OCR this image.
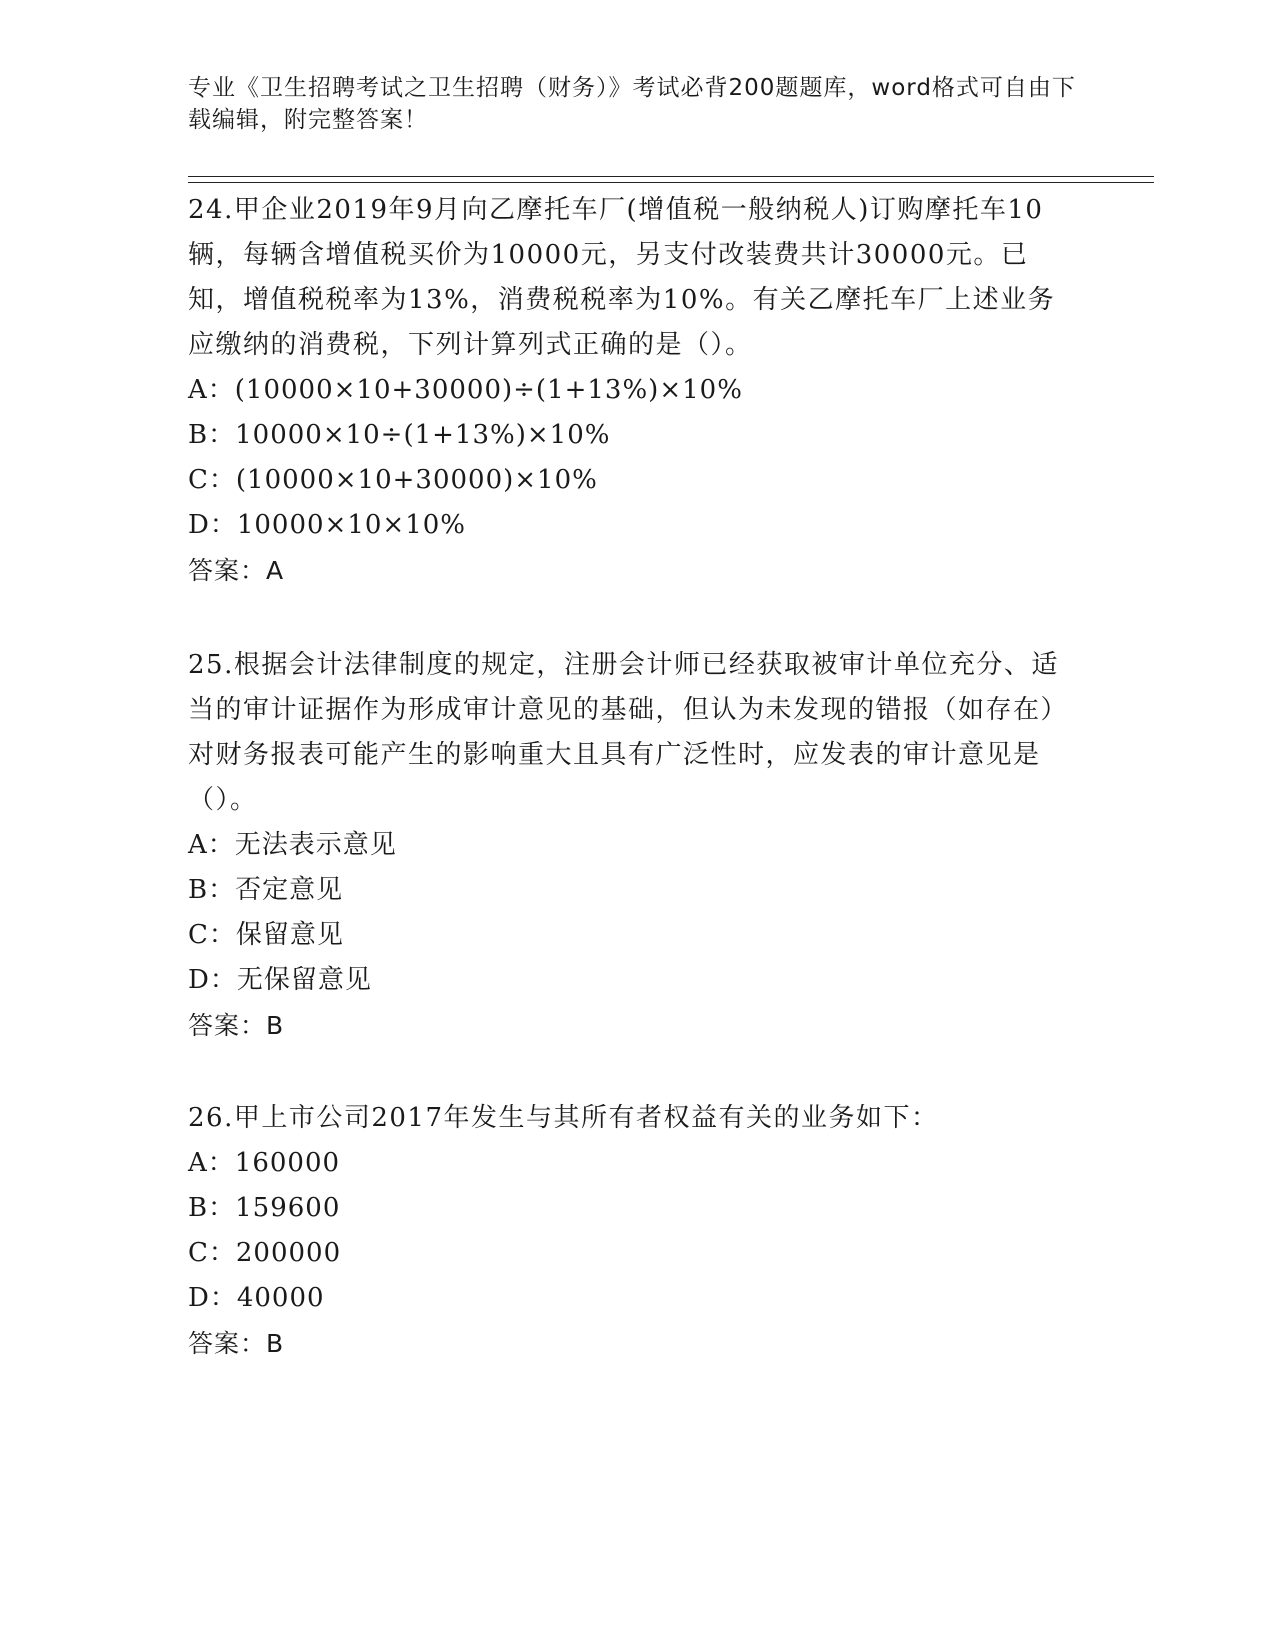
专业《卫生招聘考试之卫生招聘（财务）》考试必背200题题库，word格式可自由下载编辑，附完整答案！
24.甲企业2019年9月向乙摩托车厂(增值税一般纳税人)订购摩托车10辆，每辆含增值税买价为10000元，另支付改装费共计30000元。已知，增值税税率为13%，消费税税率为10%。有关乙摩托车厂上述业务应缴纳的消费税，下列计算列式正确的是（）。
A：(10000×10+30000)÷(1+13%)×10%
B：10000×10÷(1+13%)×10%
C：(10000×10+30000)×10%
D：10000×10×10%
答案：A
25.根据会计法律制度的规定，注册会计师已经获取被审计单位充分、适当的审计证据作为形成审计意见的基础，但认为未发现的错报（如存在）对财务报表可能产生的影响重大且具有广泛性时，应发表的审计意见是（）。
A：无法表示意见
B：否定意见
C：保留意见
D：无保留意见
答案：B
26.甲上市公司2017年发生与其所有者权益有关的业务如下：
A：160000
B：159600
C：200000
D：40000
答案：B
